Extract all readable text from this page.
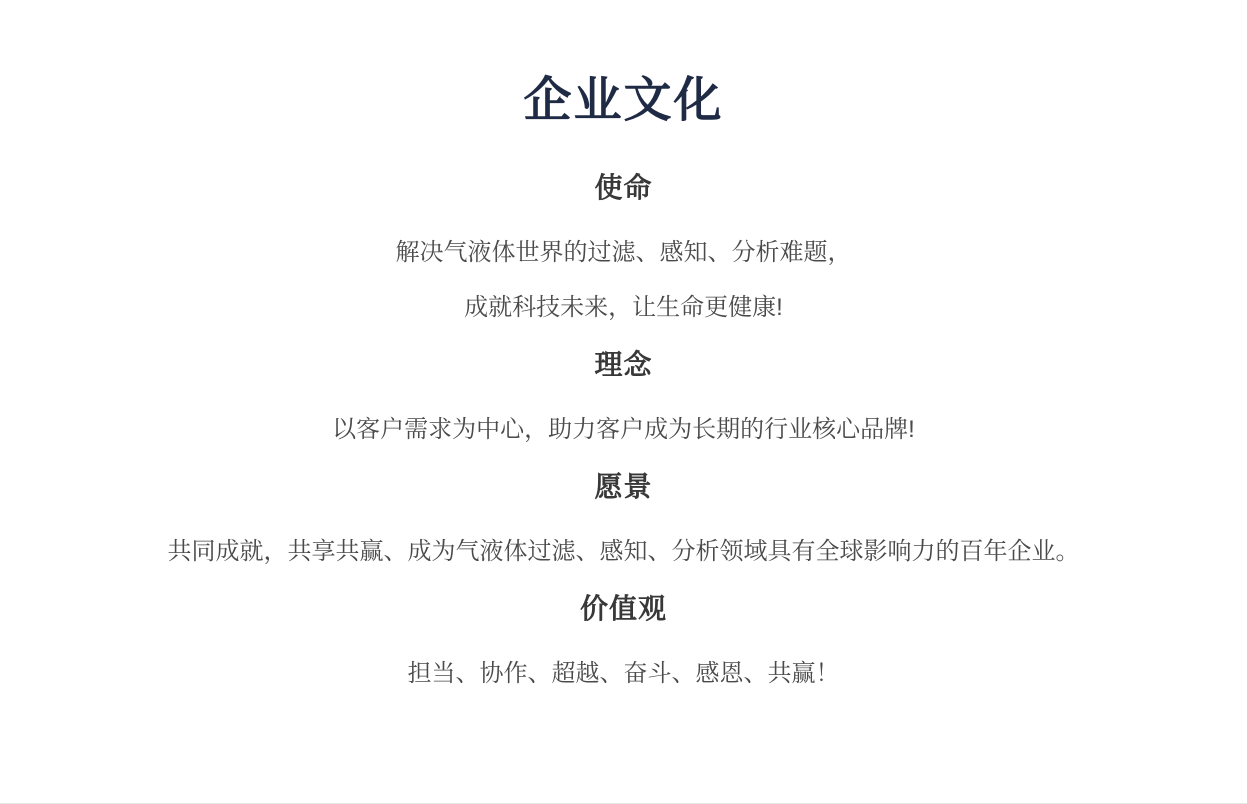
企业文化
使命

解决气液体世界的过滤、感知、分析难题，

成就科技未来，让生命更健康!

理念

以客户需求为中心，助力客户成为长期的行业核心品牌!

愿景

共同成就，共享共赢、成为气液体过滤、感知、分析领域具有全球影响力的百年企业。

价值观

担当、协作、超越、奋斗、感恩、共赢！
